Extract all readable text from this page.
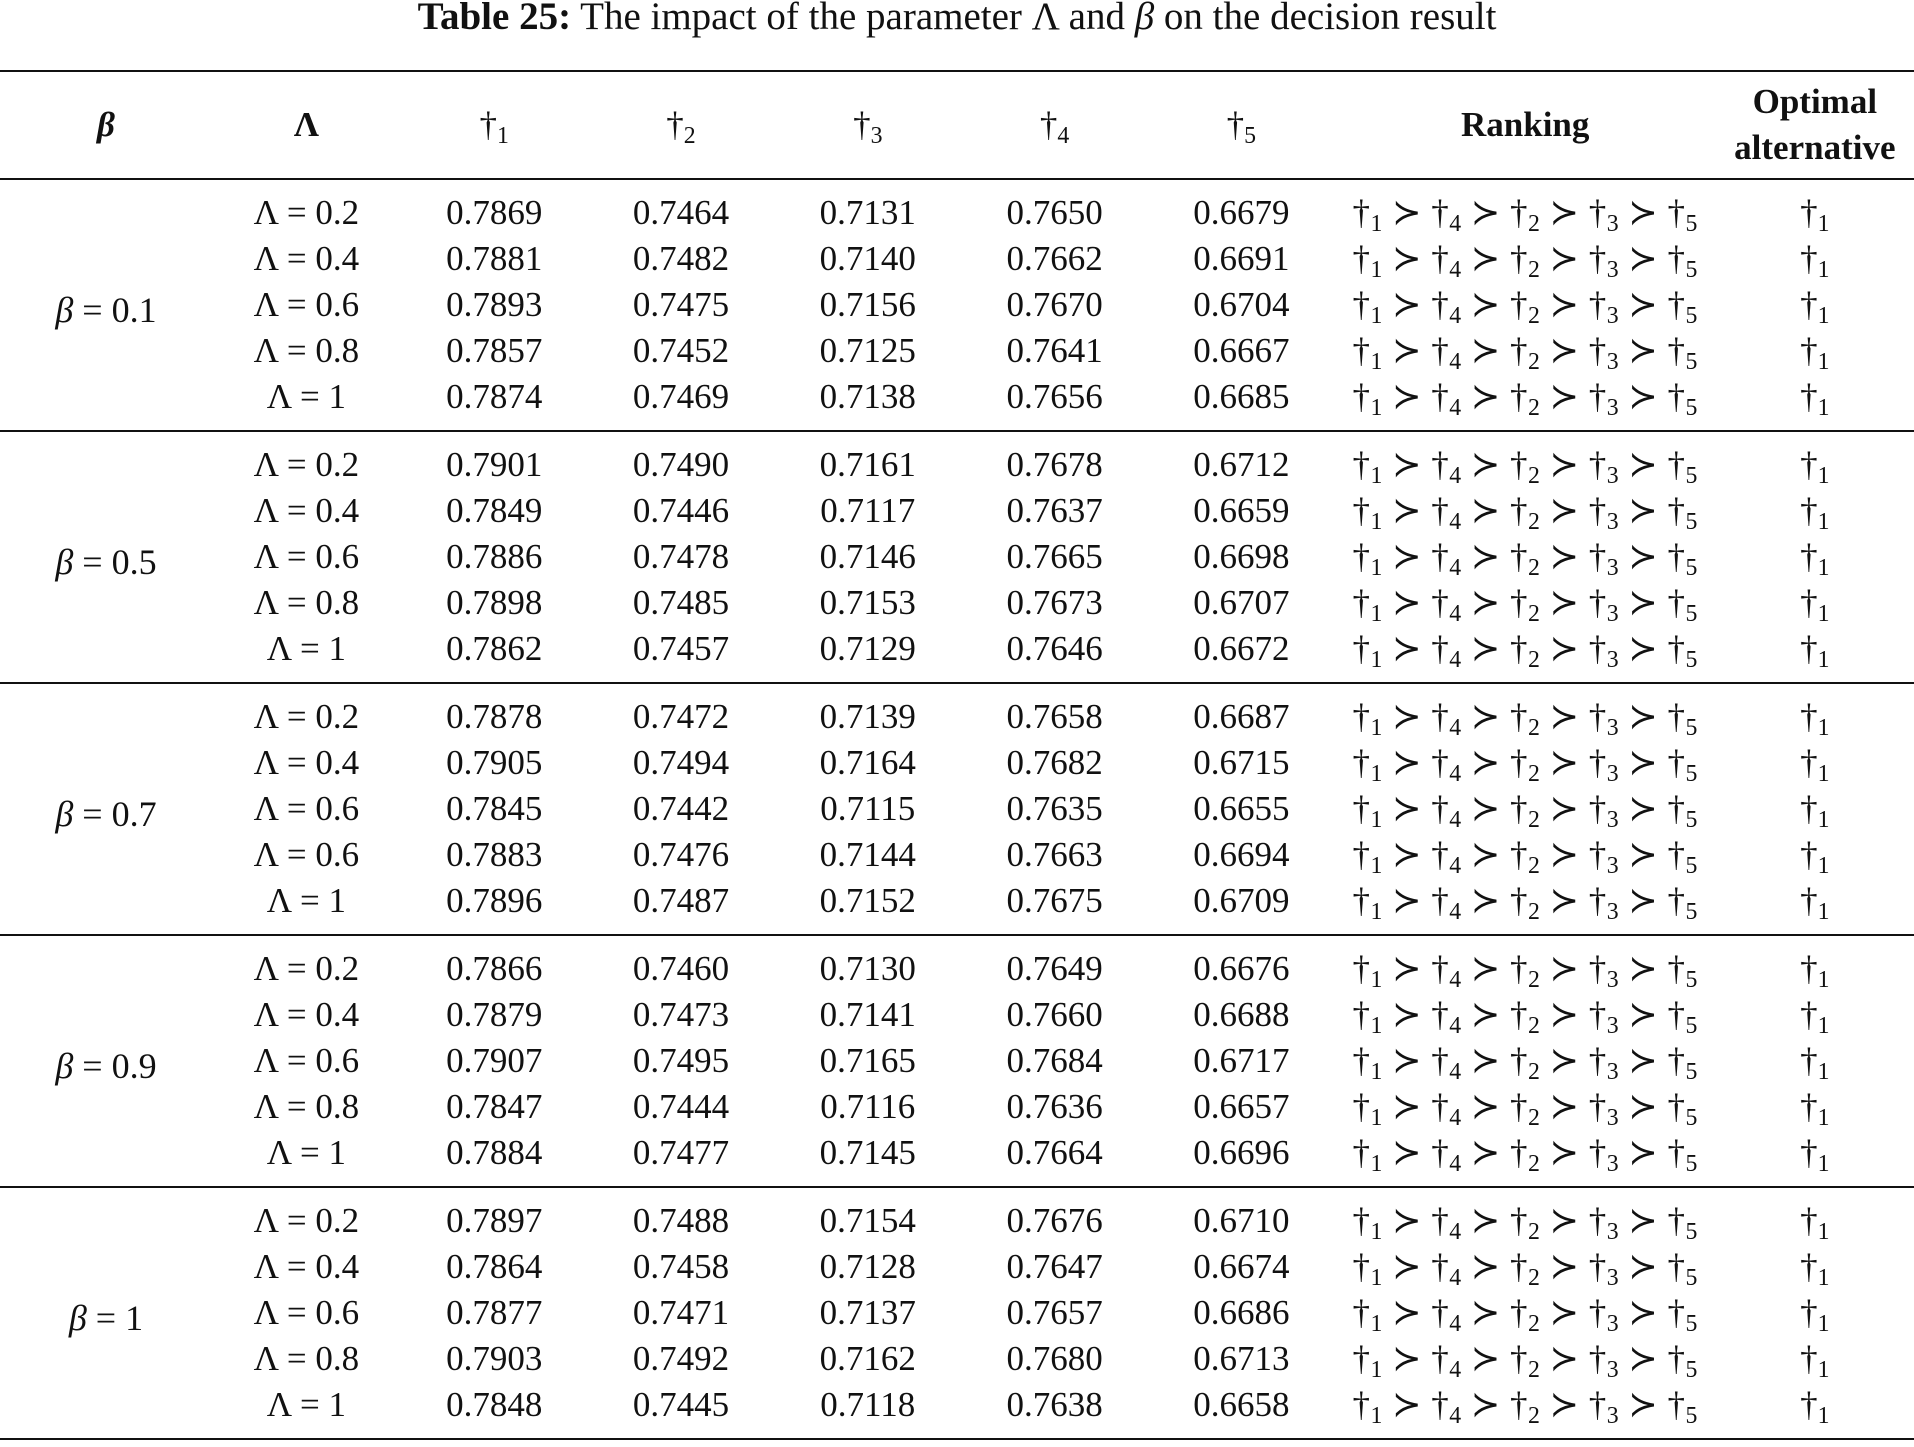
Table 25: The impact of the parameter Λ and β on the decision result
β	Λ	$\dagger_1$	$\dagger_2$	$\dagger_3$	$\dagger_4$	$\dagger_5$	Ranking	Optimal
alternative
β = 0.1	Λ = 0.2	0.7869	0.7464	0.7131	0.7650	0.6679	$\dagger_1$ ≻ $\dagger_4$ ≻ $\dagger_2$ ≻ $\dagger_3$ ≻ $\dagger_5$	$\dagger_1$
	Λ = 0.4	0.7881	0.7482	0.7140	0.7662	0.6691	$\dagger_1$ ≻ $\dagger_4$ ≻ $\dagger_2$ ≻ $\dagger_3$ ≻ $\dagger_5$	$\dagger_1$
	Λ = 0.6	0.7893	0.7475	0.7156	0.7670	0.6704	$\dagger_1$ ≻ $\dagger_4$ ≻ $\dagger_2$ ≻ $\dagger_3$ ≻ $\dagger_5$	$\dagger_1$
	Λ = 0.8	0.7857	0.7452	0.7125	0.7641	0.6667	$\dagger_1$ ≻ $\dagger_4$ ≻ $\dagger_2$ ≻ $\dagger_3$ ≻ $\dagger_5$	$\dagger_1$
	Λ = 1	0.7874	0.7469	0.7138	0.7656	0.6685	$\dagger_1$ ≻ $\dagger_4$ ≻ $\dagger_2$ ≻ $\dagger_3$ ≻ $\dagger_5$	$\dagger_1$
β = 0.5	Λ = 0.2	0.7901	0.7490	0.7161	0.7678	0.6712	$\dagger_1$ ≻ $\dagger_4$ ≻ $\dagger_2$ ≻ $\dagger_3$ ≻ $\dagger_5$	$\dagger_1$
	Λ = 0.4	0.7849	0.7446	0.7117	0.7637	0.6659	$\dagger_1$ ≻ $\dagger_4$ ≻ $\dagger_2$ ≻ $\dagger_3$ ≻ $\dagger_5$	$\dagger_1$
	Λ = 0.6	0.7886	0.7478	0.7146	0.7665	0.6698	$\dagger_1$ ≻ $\dagger_4$ ≻ $\dagger_2$ ≻ $\dagger_3$ ≻ $\dagger_5$	$\dagger_1$
	Λ = 0.8	0.7898	0.7485	0.7153	0.7673	0.6707	$\dagger_1$ ≻ $\dagger_4$ ≻ $\dagger_2$ ≻ $\dagger_3$ ≻ $\dagger_5$	$\dagger_1$
	Λ = 1	0.7862	0.7457	0.7129	0.7646	0.6672	$\dagger_1$ ≻ $\dagger_4$ ≻ $\dagger_2$ ≻ $\dagger_3$ ≻ $\dagger_5$	$\dagger_1$
β = 0.7	Λ = 0.2	0.7878	0.7472	0.7139	0.7658	0.6687	$\dagger_1$ ≻ $\dagger_4$ ≻ $\dagger_2$ ≻ $\dagger_3$ ≻ $\dagger_5$	$\dagger_1$
	Λ = 0.4	0.7905	0.7494	0.7164	0.7682	0.6715	$\dagger_1$ ≻ $\dagger_4$ ≻ $\dagger_2$ ≻ $\dagger_3$ ≻ $\dagger_5$	$\dagger_1$
	Λ = 0.6	0.7845	0.7442	0.7115	0.7635	0.6655	$\dagger_1$ ≻ $\dagger_4$ ≻ $\dagger_2$ ≻ $\dagger_3$ ≻ $\dagger_5$	$\dagger_1$
	Λ = 0.6	0.7883	0.7476	0.7144	0.7663	0.6694	$\dagger_1$ ≻ $\dagger_4$ ≻ $\dagger_2$ ≻ $\dagger_3$ ≻ $\dagger_5$	$\dagger_1$
	Λ = 1	0.7896	0.7487	0.7152	0.7675	0.6709	$\dagger_1$ ≻ $\dagger_4$ ≻ $\dagger_2$ ≻ $\dagger_3$ ≻ $\dagger_5$	$\dagger_1$
β = 0.9	Λ = 0.2	0.7866	0.7460	0.7130	0.7649	0.6676	$\dagger_1$ ≻ $\dagger_4$ ≻ $\dagger_2$ ≻ $\dagger_3$ ≻ $\dagger_5$	$\dagger_1$
	Λ = 0.4	0.7879	0.7473	0.7141	0.7660	0.6688	$\dagger_1$ ≻ $\dagger_4$ ≻ $\dagger_2$ ≻ $\dagger_3$ ≻ $\dagger_5$	$\dagger_1$
	Λ = 0.6	0.7907	0.7495	0.7165	0.7684	0.6717	$\dagger_1$ ≻ $\dagger_4$ ≻ $\dagger_2$ ≻ $\dagger_3$ ≻ $\dagger_5$	$\dagger_1$
	Λ = 0.8	0.7847	0.7444	0.7116	0.7636	0.6657	$\dagger_1$ ≻ $\dagger_4$ ≻ $\dagger_2$ ≻ $\dagger_3$ ≻ $\dagger_5$	$\dagger_1$
	Λ = 1	0.7884	0.7477	0.7145	0.7664	0.6696	$\dagger_1$ ≻ $\dagger_4$ ≻ $\dagger_2$ ≻ $\dagger_3$ ≻ $\dagger_5$	$\dagger_1$
β = 1	Λ = 0.2	0.7897	0.7488	0.7154	0.7676	0.6710	$\dagger_1$ ≻ $\dagger_4$ ≻ $\dagger_2$ ≻ $\dagger_3$ ≻ $\dagger_5$	$\dagger_1$
	Λ = 0.4	0.7864	0.7458	0.7128	0.7647	0.6674	$\dagger_1$ ≻ $\dagger_4$ ≻ $\dagger_2$ ≻ $\dagger_3$ ≻ $\dagger_5$	$\dagger_1$
	Λ = 0.6	0.7877	0.7471	0.7137	0.7657	0.6686	$\dagger_1$ ≻ $\dagger_4$ ≻ $\dagger_2$ ≻ $\dagger_3$ ≻ $\dagger_5$	$\dagger_1$
	Λ = 0.8	0.7903	0.7492	0.7162	0.7680	0.6713	$\dagger_1$ ≻ $\dagger_4$ ≻ $\dagger_2$ ≻ $\dagger_3$ ≻ $\dagger_5$	$\dagger_1$
	Λ = 1	0.7848	0.7445	0.7118	0.7638	0.6658	$\dagger_1$ ≻ $\dagger_4$ ≻ $\dagger_2$ ≻ $\dagger_3$ ≻ $\dagger_5$	$\dagger_1$
